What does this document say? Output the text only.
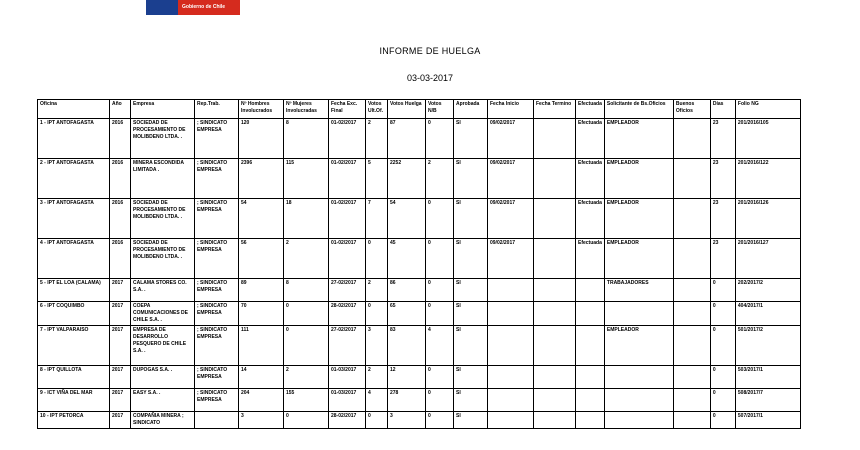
Gobierno de Chile
INFORME DE HUELGA
03-03-2017
Oficina	Año	Empresa	Rep.Trab.	Nº Hombres Involucrados	Nº Mujeres Involucradas	Fecha Exc. Final	Votos Ult.Of.	Votos Huelga	Votos N/B	Aprobada	Fecha Inicio	Fecha Termino	Efectuada	Solicitante de Bs.Oficios	Buenos Oficios	Días	Folio NG
1 - IPT ANTOFAGASTA	2016	SOCIEDAD DE PROCESAMIENTO DE MOLIBDENO LTDA. .	; SINDICATO EMPRESA	120	8	01-02/2017	2	87	0	SI	09/02/2017		Efectuada	EMPLEADOR		23	201/2016/105
2 - IPT ANTOFAGASTA	2016	MINERA ESCONDIDA LIMITADA .	; SINDICATO EMPRESA	2396	115	01-02/2017	5	2252	2	SI	09/02/2017		Efectuada	EMPLEADOR		23	201/2016/122
3 - IPT ANTOFAGASTA	2016	SOCIEDAD DE PROCESAMIENTO DE MOLIBDENO LTDA. .	; SINDICATO EMPRESA	54	18	01-02/2017	7	54	0	SI	09/02/2017		Efectuada	EMPLEADOR		23	201/2016/126
4 - IPT ANTOFAGASTA	2016	SOCIEDAD DE PROCESAMIENTO DE MOLIBDENO LTDA. .	; SINDICATO EMPRESA	56	2	01-02/2017	0	45	0	SI	09/02/2017		Efectuada	EMPLEADOR		23	201/2016/127
5 - IPT EL LOA (CALAMA)	2017	CALAMA STORES CO. S.A. .	; SINDICATO EMPRESA	89	8	27-02/2017	2	86	0	SI				TRABAJADORES		0	202/2017/2
6 - IPT COQUIMBO	2017	COEPA COMUNICACIONES DE CHILE S.A. .	; SINDICATO EMPRESA	70	0	28-02/2017	0	65	0	SI						0	404/2017/1
7 - IPT VALPARAISO	2017	EMPRESA DE DESARROLLO PESQUERO DE CHILE S.A. .	; SINDICATO EMPRESA	111	0	27-02/2017	3	83	4	SI				EMPLEADOR		0	501/2017/2
8 - IPT QUILLOTA	2017	DUPOGAS S.A. .	; SINDICATO EMPRESA	14	2	01-03/2017	2	12	0	SI						0	503/2017/1
9 - ICT VIÑA DEL MAR	2017	EASY S.A. .	; SINDICATO EMPRESA	204	155	01-03/2017	4	278	0	SI						0	508/2017/7
10 - IPT PETORCA	2017	COMPAÑIA MINERA ; SINDICATO		3	0	28-02/2017	0	3	0	SI						0	507/2017/1
